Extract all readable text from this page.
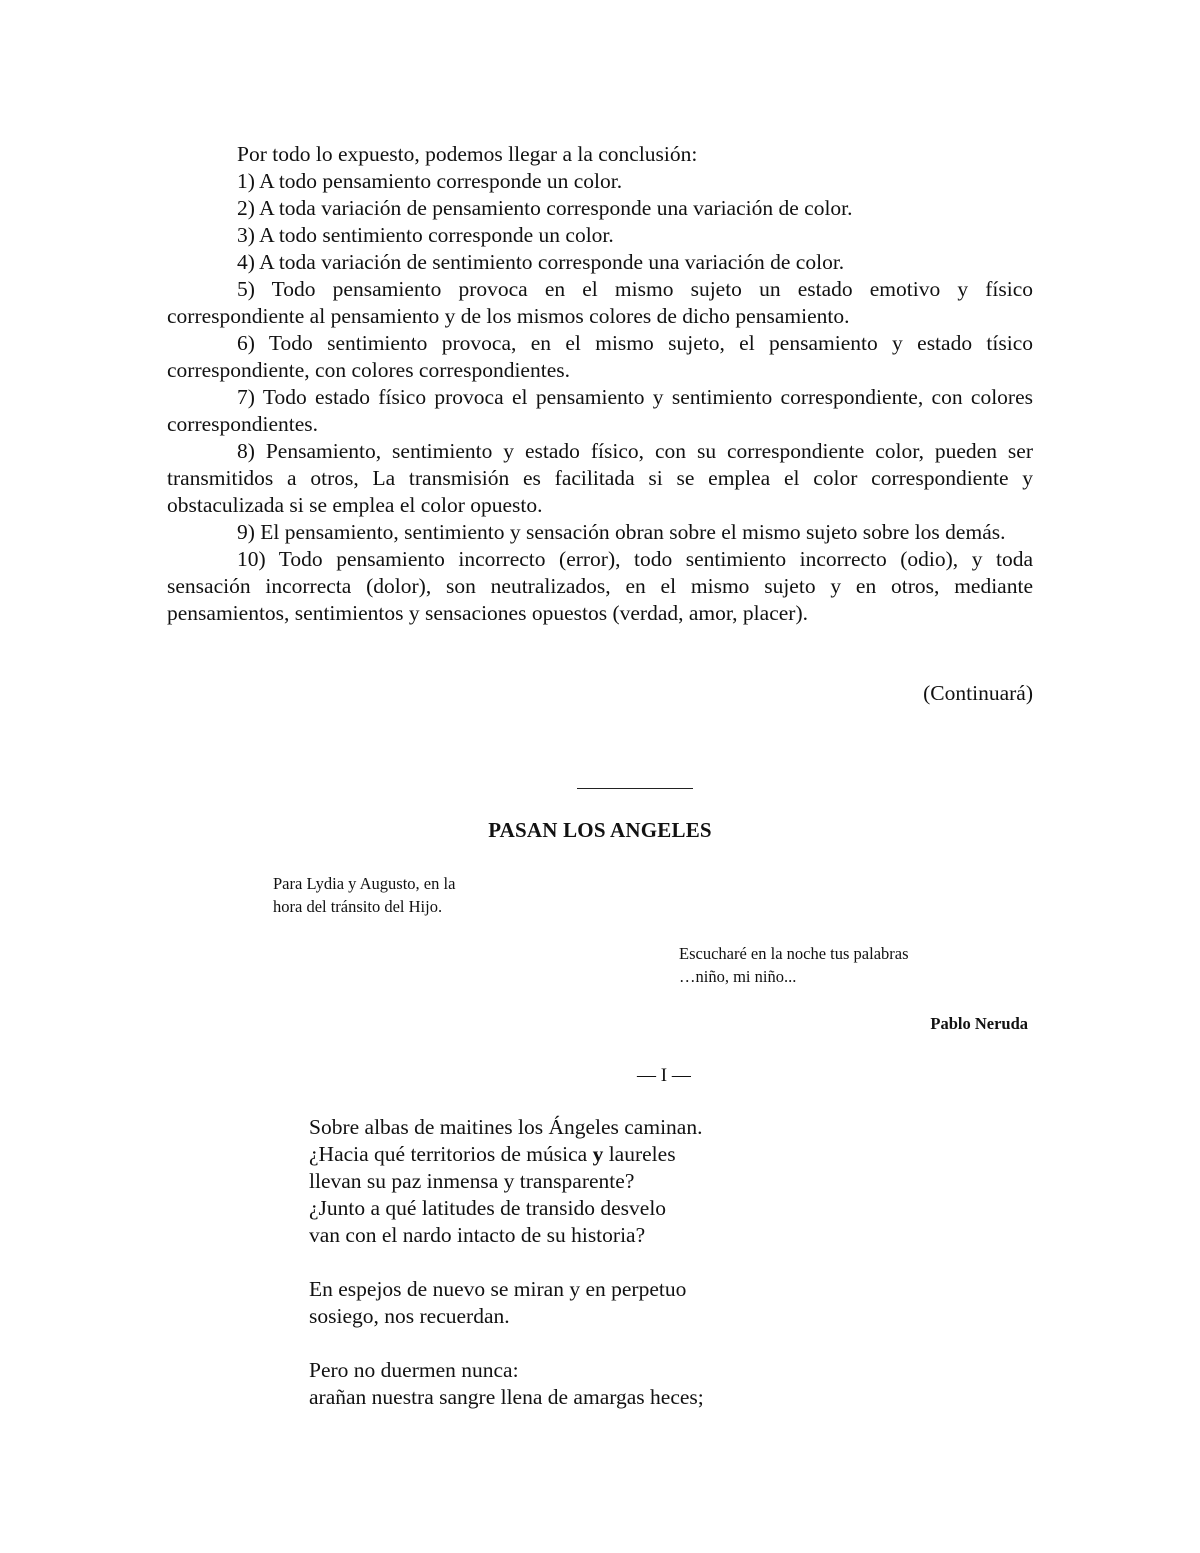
Por todo lo expuesto, podemos llegar a la conclusión:

1) A todo pensamiento corresponde un color.

2) A toda variación de pensamiento corresponde una variación de color.

3) A todo sentimiento corresponde un color.

4) A toda variación de sentimiento corresponde una variación de color.

5) Todo pensamiento provoca en el mismo sujeto un estado emotivo y físico correspondiente al pensamiento y de los mismos colores de dicho pensamiento.

6) Todo sentimiento provoca, en el mismo sujeto, el pensamiento y estado tísico correspondiente, con colores correspondientes.

7) Todo estado físico provoca el pensamiento y sentimiento correspondiente, con colores correspondientes.

8) Pensamiento, sentimiento y estado físico, con su correspondiente color, pueden ser transmitidos a otros, La transmisión es facilitada si se emplea el color correspondiente y obstaculizada si se emplea el color opuesto.

9) El pensamiento, sentimiento y sensación obran sobre el mismo sujeto sobre los demás.

10) Todo pensamiento incorrecto (error), todo sentimiento incorrecto (odio), y toda sensación incorrecta (dolor), son neutralizados, en el mismo sujeto y en otros, mediante pensamientos, sentimientos y sensaciones opuestos (verdad, amor, placer).

(Continuará)
PASAN LOS ANGELES
Para Lydia y Augusto, en la
hora del tránsito del Hijo.
Escucharé en la noche tus palabras
…niño, mi niño...
Pablo Neruda
— I —
Sobre albas de maitines los Ángeles caminan.
¿Hacia qué territorios de música y laureles
llevan su paz inmensa y transparente?
¿Junto a qué latitudes de transido desvelo
van con el nardo intacto de su historia?
En espejos de nuevo se miran y en perpetuo
sosiego, nos recuerdan.
Pero no duermen nunca:
arañan nuestra sangre llena de amargas heces;
